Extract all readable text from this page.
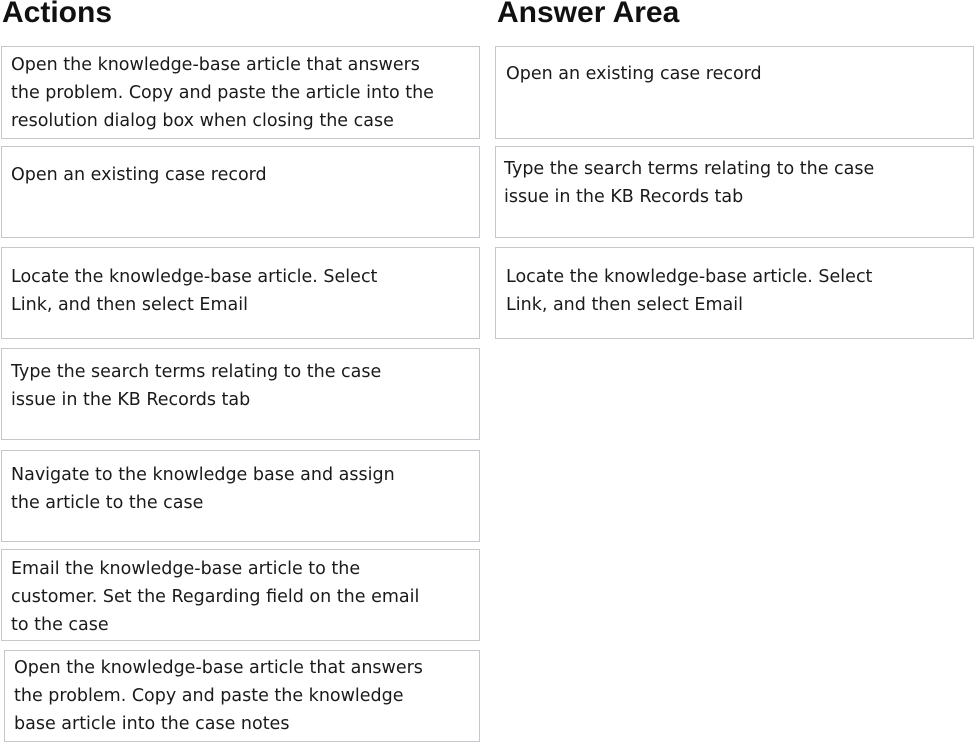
Actions	Answer Area
Open the knowledge-base article that answers
the problem. Copy and paste the article into the
resolution dialog box when closing the case
Open an existing case record
Locate the knowledge-base article. Select
Link, and then select Email
Type the search terms relating to the case
issue in the KB Records tab
Navigate to the knowledge base and assign
the article to the case
Email the knowledge-base article to the
customer. Set the Regarding field on the email
to the case
Open the knowledge-base article that answers
the problem. Copy and paste the knowledge
base article into the case notes
Open an existing case record
Type the search terms relating to the case
issue in the KB Records tab
Locate the knowledge-base article. Select
Link, and then select Email
